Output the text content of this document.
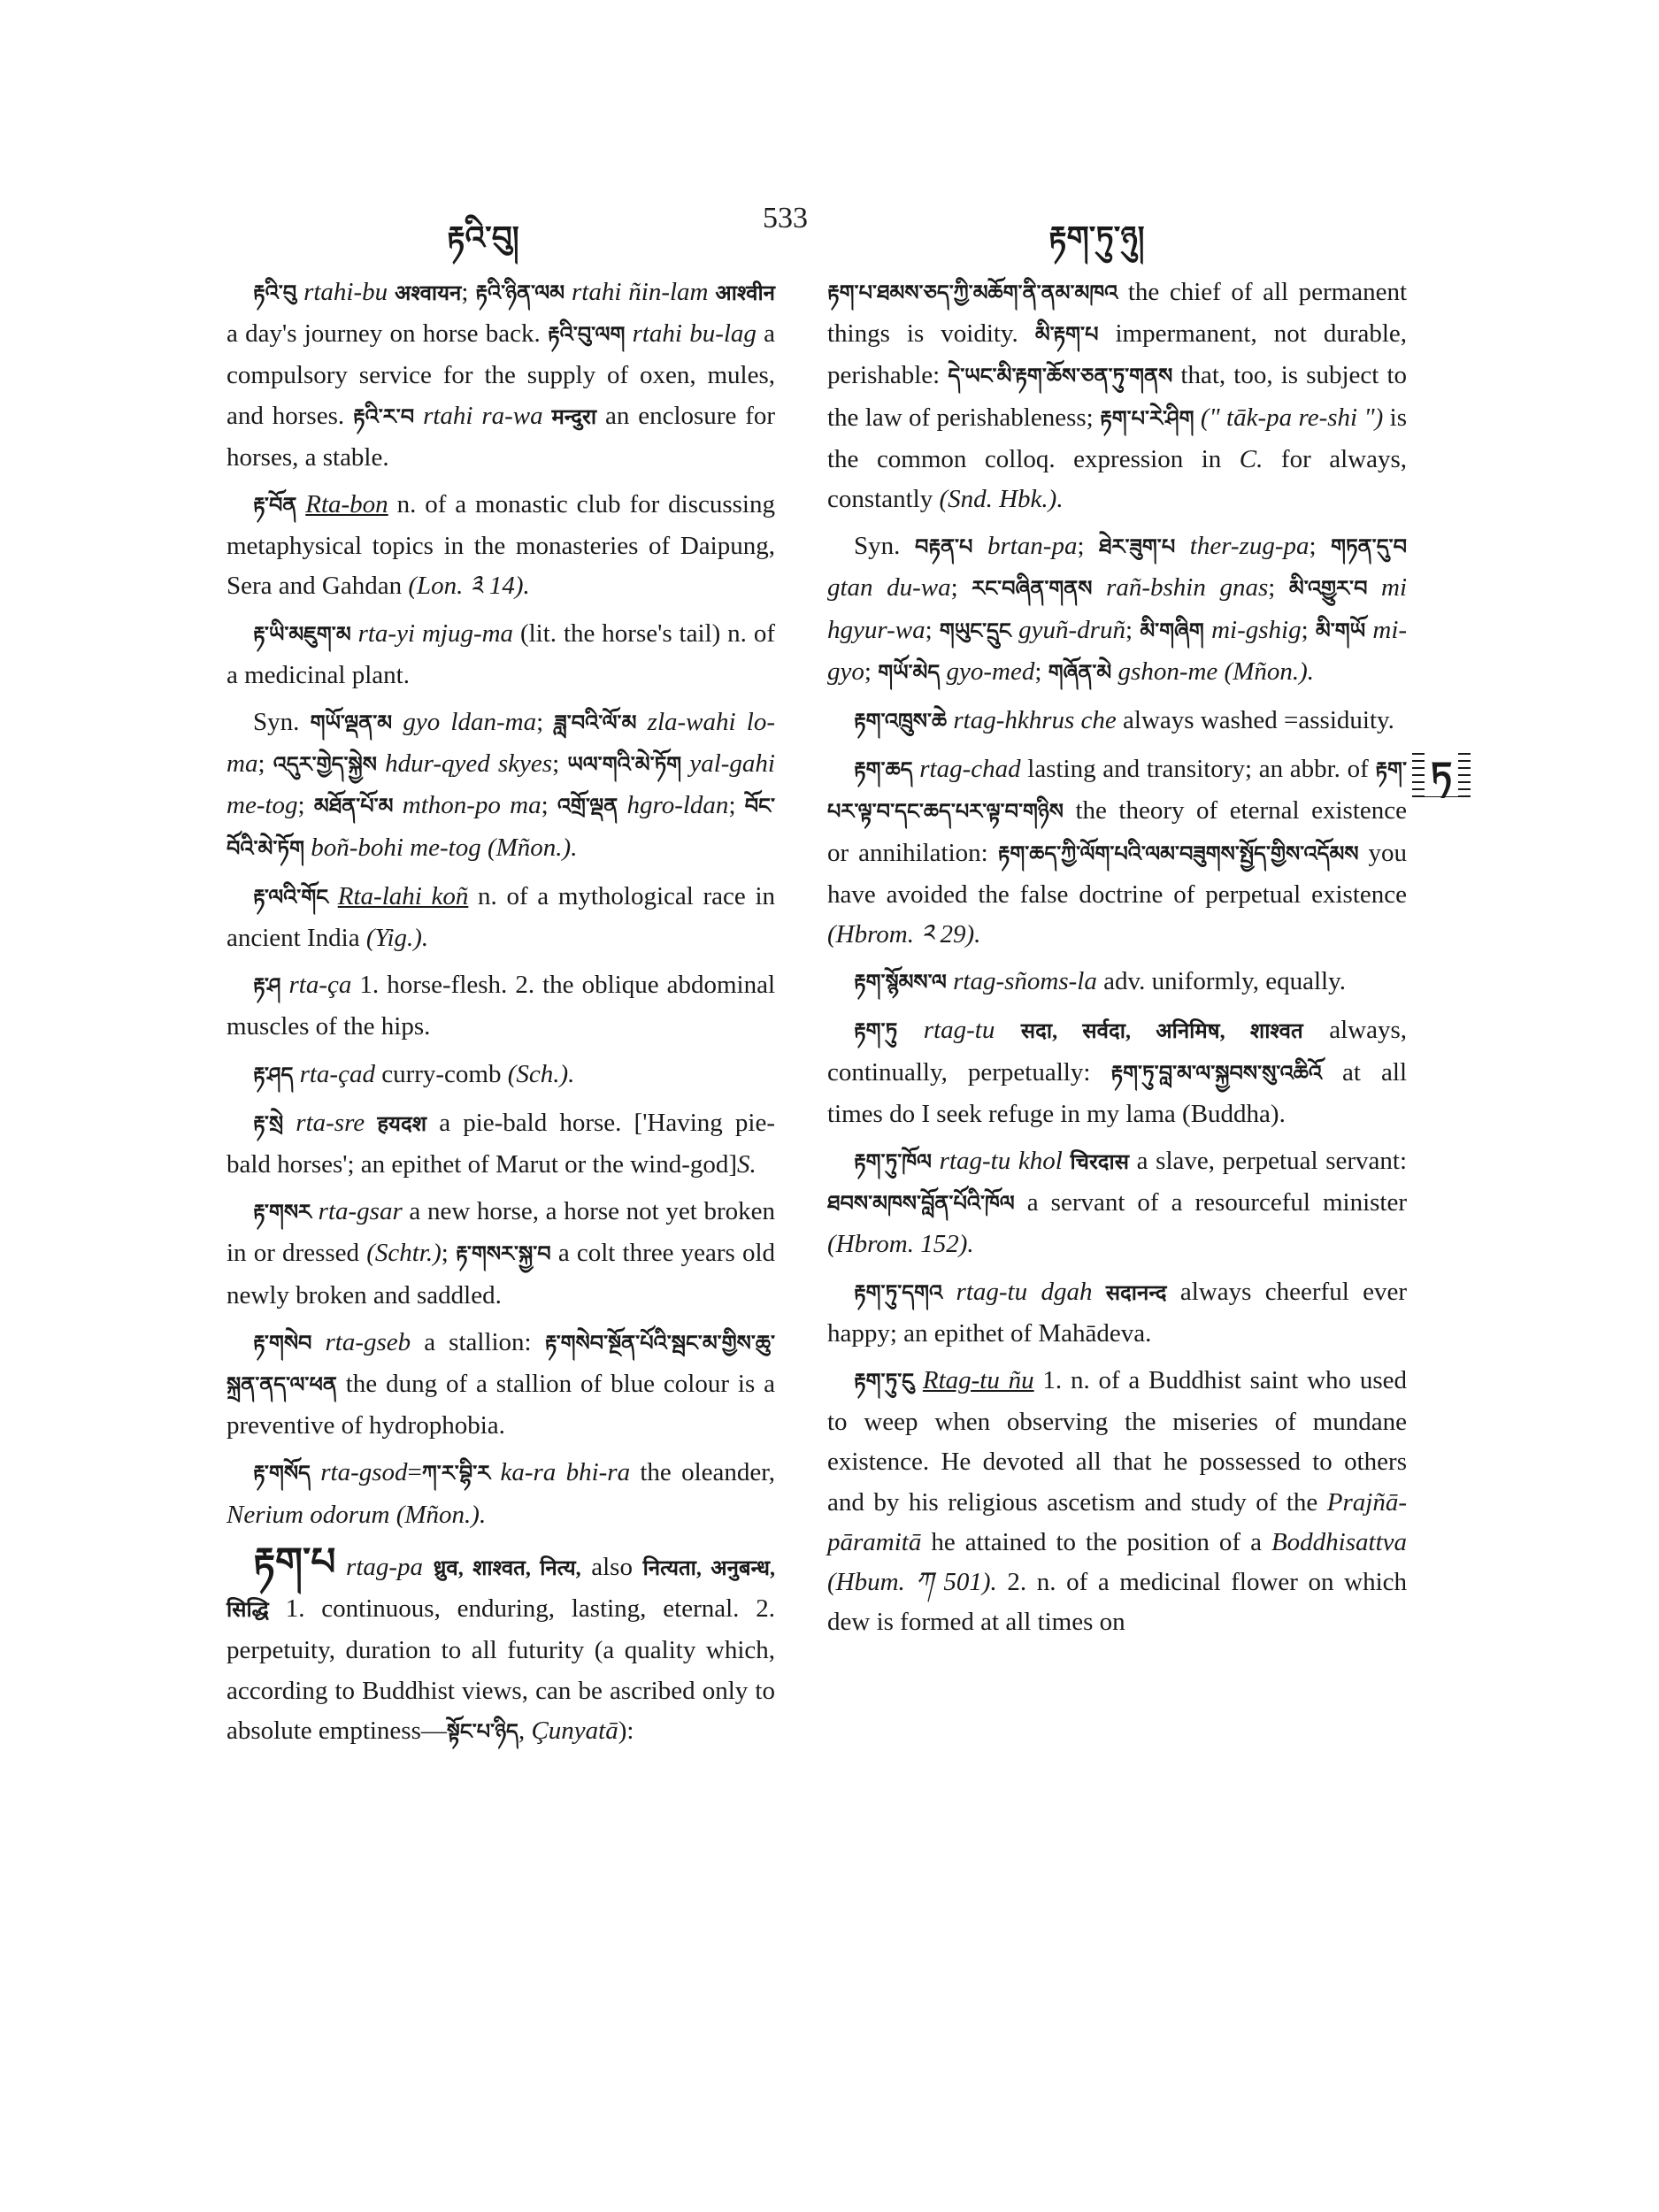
རྟའི་བུ།
533
རྟག་ཏུ་ཉུ།

རྟའི་བུ rtahi-bu अश्वायन; རྟའི་ཉིན་ལམ rtahi ñin-lam आश्वीन a day's journey on horse back. རྟའི་བུ་ལག rtahi bu-lag a compulsory service for the supply of oxen, mules, and horses. རྟའི་ར་བ rtahi ra-wa मन्दुरा an enclosure for horses, a stable.

རྟ་བོན Rta-bon n. of a monastic club for discussing metaphysical topics in the monasteries of Daipung, Sera and Gahdan (Lon. ༣ 14).

རྟ་ཡི་མཇུག་མ rta-yi mjug-ma (lit. the horse's tail) n. of a medicinal plant.

Syn. གཡོ་ལྡན་མ gyo ldan-ma; ཟླ་བའི་ལོ་མ zla-wahi lo-ma; འདུར་གྱེད་སྐྱེས hdur-qyed skyes; ཡལ་གའི་མེ་ཏོག yal-gahi me-tog; མཐོན་པོ་མ mthon-po ma; འགྲོ་ལྡན hgro-ldan; བོང་བོའི་མེ་ཏོག boñ-bohi me-tog (Mñon.).

རྟ་ལའི་གོང Rta-lahi koñ n. of a mythological race in ancient India (Yig.).

རྟ་ཤ rta-ça 1. horse-flesh. 2. the oblique abdominal muscles of the hips.

རྟ་ཤད rta-çad curry-comb (Sch.).

རྟ་སྲེ rta-sre हयदश a pie-bald horse. ['Having pie-bald horses'; an epithet of Marut or the wind-god]S.

རྟ་གསར rta-gsar a new horse, a horse not yet broken in or dressed (Schtr.); རྟ་གསར་སྐྱ་བ a colt three years old newly broken and saddled.

རྟ་གསེབ rta-gseb a stallion: རྟ་གསེབ་སྔོན་པོའི་སྦང་མ་གྱིས་ཆུ་སྐྲན་ནད་ལ་ཕན the dung of a stallion of blue colour is a preventive of hydrophobia.

རྟ་གསོད rta-gsod=ཀ་ར་བྷི་ར ka-ra bhi-ra the oleander, Nerium odorum (Mñon.).

རྟག་པ rtag-pa ध्रुव, शाश्वत, नित्य, also नित्यता, अनुबन्ध, सिद्धि 1. continuous, enduring, lasting, eternal. 2. perpetuity, duration to all futurity (a quality which, according to Buddhist views, can be ascribed only to absolute emptiness—སྟོང་པ་ཉིད, Çunyatā):

རྟག་པ་ཐམས་ཅད་ཀྱི་མཆོག་ནི་ནམ་མཁའ the chief of all permanent things is voidity. མི་རྟག་པ impermanent, not durable, perishable: དེ་ཡང་མི་རྟག་ཆོས་ཅན་ཏུ་གནས that, too, is subject to the law of perishableness; རྟག་པ་རེ་ཤིག (" tāk-pa re-shi ") is the common colloq. expression in C. for always, constantly (Snd. Hbk.).

Syn. བརྟན་པ brtan-pa; ཐེར་ཟུག་པ ther-zug-pa; གཏན་དུ་བ gtan du-wa; རང་བཞིན་གནས rañ-bshin gnas; མི་འགྱུར་བ mi hgyur-wa; གཡུང་དྲུང gyuñ-druñ; མི་གཞིག mi-gshig; མི་གཡོ mi-gyo; གཡོ་མེད gyo-med; གཞོན་མེ gshon-me (Mñon.).

རྟག་འཁྲུས་ཆེ rtag-hkhrus che always washed =assiduity.

རྟག་ཆད rtag-chad lasting and transitory; an abbr. of རྟག་པར་ལྟ་བ་དང་ཆད་པར་ལྟ་བ་གཉིས the theory of eternal existence or annihilation: རྟག་ཆད་ཀྱི་ལོག་པའི་ལམ་བཟུགས་སྤྱོད་གྱིས་འདོམས you have avoided the false doctrine of perpetual existence (Hbrom. ༢ 29).

རྟག་སྙོམས་ལ rtag-sñoms-la adv. uniformly, equally.

རྟག་ཏུ rtag-tu सदा, सर्वदा, अनिमिष, शाश्वत always, continually, perpetually: རྟག་ཏུ་བླ་མ་ལ་སྐྱབས་སུ་འཆིའོ at all times do I seek refuge in my lama (Buddha).

རྟག་ཏུ་ཁོལ rtag-tu khol चिरदास a slave, perpetual servant: ཐབས་མཁས་བློན་པོའི་ཁོལ a servant of a resourceful minister (Hbrom. 152).

རྟག་ཏུ་དགའ rtag-tu dgah सदानन्द always cheerful ever happy; an epithet of Mahādeva.

རྟག་ཏུ་ངུ Rtag-tu ñu 1. n. of a Buddhist saint who used to weep when observing the miseries of mundane existence. He devoted all that he possessed to others and by his religious ascetism and study of the Prajñā-pāramitā he attained to the position of a Boddhisattva (Hbum. ཀ 501). 2. n. of a medicinal flower on which dew is formed at all times on

ཏ
